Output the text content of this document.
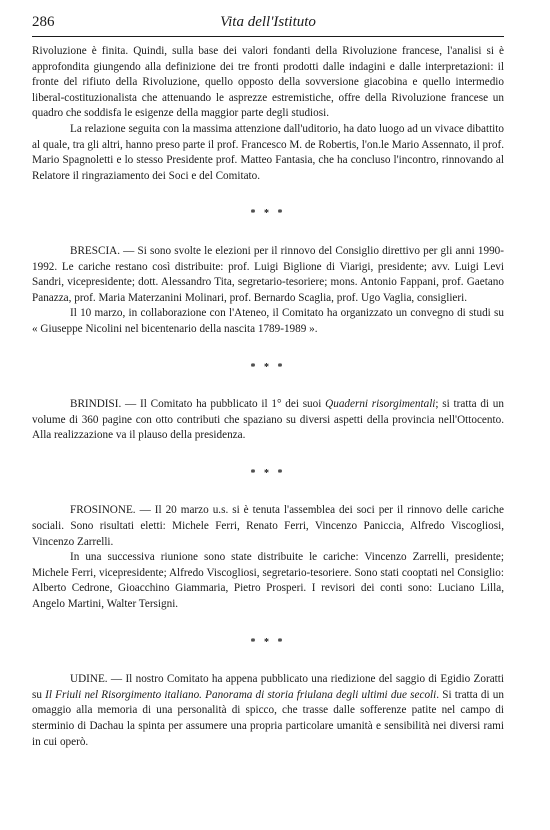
286	Vita dell'Istituto

Rivoluzione è finita. Quindi, sulla base dei valori fondanti della Rivoluzione francese, l'analisi si è approfondita giungendo alla definizione dei tre fronti prodotti dalle indagini e dalle interpretazioni: il fronte del rifiuto della Rivoluzione, quello opposto della sovversione giacobina e quello intermedio liberal-costituzionalista che attenuando le asprezze estremistiche, offre della Rivoluzione francese un quadro che soddisfa le esigenze della maggior parte degli studiosi.

La relazione seguita con la massima attenzione dall'uditorio, ha dato luogo ad un vivace dibattito al quale, tra gli altri, hanno preso parte il prof. Francesco M. de Robertis, l'on.le Mario Assennato, il prof. Mario Spagnoletti e lo stesso Presidente prof. Matteo Fantasia, che ha concluso l'incontro, rinnovando al Relatore il ringraziamento dei Soci e del Comitato.

* * *

BRESCIA. — Si sono svolte le elezioni per il rinnovo del Consiglio direttivo per gli anni 1990-1992. Le cariche restano così distribuite: prof. Luigi Biglione di Viarigi, presidente; avv. Luigi Levi Sandri, vicepresidente; dott. Alessandro Tita, segretario-tesoriere; mons. Antonio Fappani, prof. Gaetano Panazza, prof. Maria Materzanini Molinari, prof. Bernardo Scaglia, prof. Ugo Vaglia, consiglieri.

Il 10 marzo, in collaborazione con l'Ateneo, il Comitato ha organizzato un convegno di studi su « Giuseppe Nicolini nel bicentenario della nascita 1789-1989 ».

* * *

BRINDISI. — Il Comitato ha pubblicato il 1° dei suoi Quaderni risorgimentali; si tratta di un volume di 360 pagine con otto contributi che spaziano su diversi aspetti della provincia nell'Ottocento. Alla realizzazione va il plauso della presidenza.

* * *

FROSINONE. — Il 20 marzo u.s. si è tenuta l'assemblea dei soci per il rinnovo delle cariche sociali. Sono risultati eletti: Michele Ferri, Renato Ferri, Vincenzo Paniccia, Alfredo Viscogliosi, Vincenzo Zarrelli.

In una successiva riunione sono state distribuite le cariche: Vincenzo Zarrelli, presidente; Michele Ferri, vicepresidente; Alfredo Viscogliosi, segretario-tesoriere. Sono stati cooptati nel Consiglio: Alberto Cedrone, Gioacchino Giammaria, Pietro Prosperi. I revisori dei conti sono: Luciano Lilla, Angelo Martini, Walter Tersigni.

* * *

UDINE. — Il nostro Comitato ha appena pubblicato una riedizione del saggio di Egidio Zoratti su Il Friuli nel Risorgimento italiano. Panorama di storia friulana degli ultimi due secoli. Si tratta di un omaggio alla memoria di una personalità di spicco, che trasse dalle sofferenze patite nel campo di sterminio di Dachau la spinta per assumere una propria particolare umanità e sensibilità nei diversi rami in cui operò.
